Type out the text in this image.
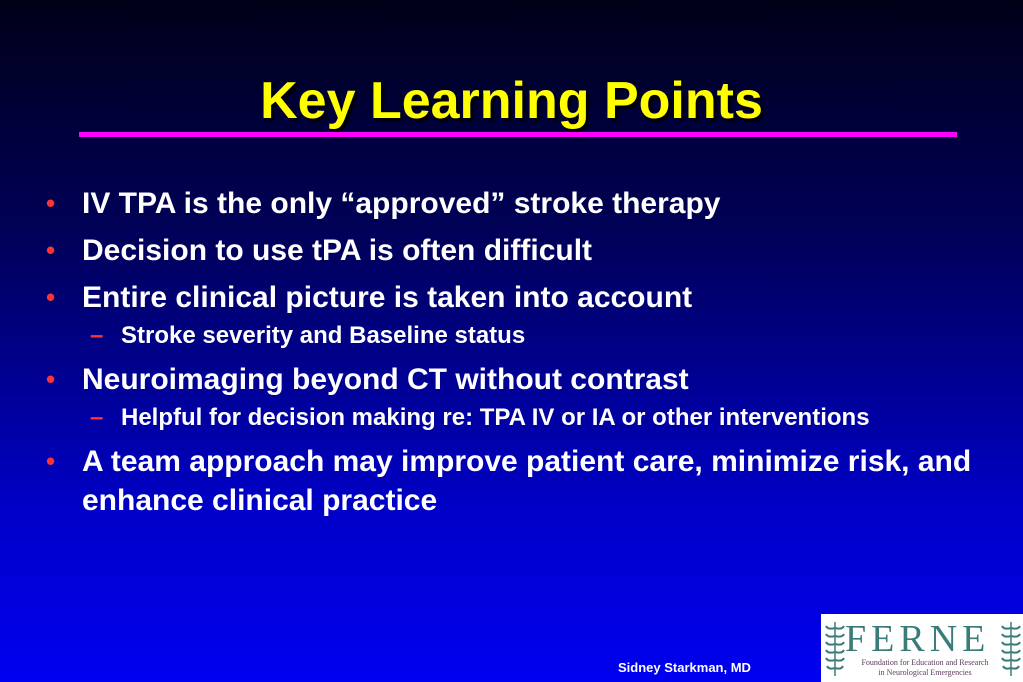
Key Learning Points
• IV TPA is the only “approved” stroke therapy
• Decision to use tPA is often difficult
• Entire clinical picture is taken into account
– Stroke severity and Baseline status
• Neuroimaging beyond CT without contrast
– Helpful for decision making re: TPA IV or IA or other interventions
• A team approach may improve patient care, minimize risk, and enhance clinical practice
Sidney Starkman, MD
FERNE
Foundation for Education and Research
in Neurological Emergencies
